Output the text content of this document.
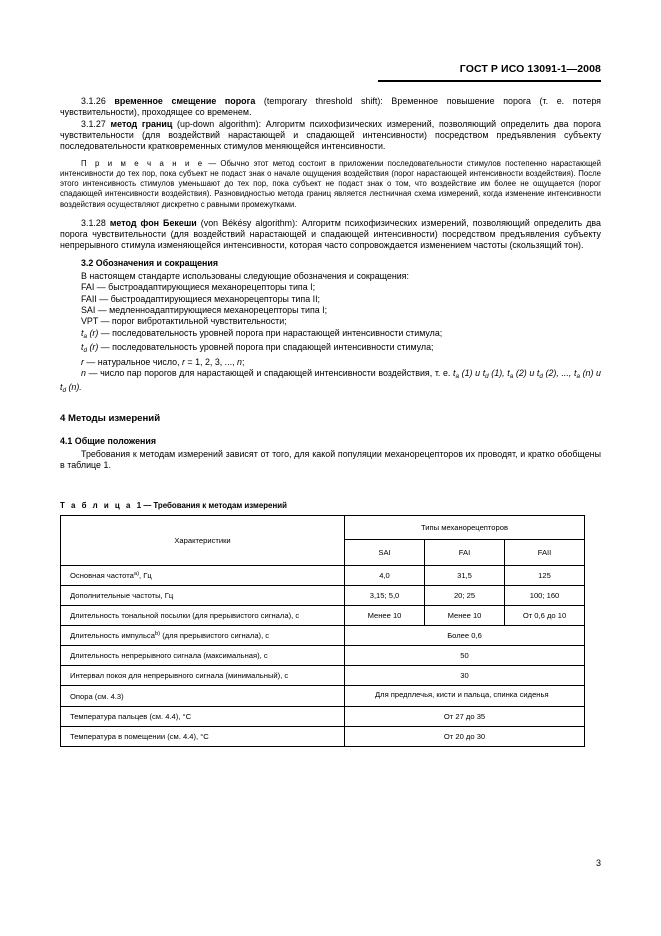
ГОСТ Р ИСО 13091-1—2008

3.1.26 временное смещение порога (temporary threshold shift): Временное повышение порога (т. е. потеря чувствительности), проходящее со временем.

3.1.27 метод границ (up-down algorithm): Алгоритм психофизических измерений, позволяющий определить два порога чувствительности (для воздействий нарастающей и спадающей интенсивности) посредством предъявления субъекту последовательности кратковременных стимулов меняющейся интенсивности.

П р и м е ч а н и е — Обычно этот метод состоит в приложении последовательности стимулов постепенно нарастающей интенсивности до тех пор, пока субъект не подаст знак о начале ощущения воздействия (порог нарастающей интенсивности воздействия). После этого интенсивность стимулов уменьшают до тех пор, пока субъект не подаст знак о том, что воздействие им более не ощущается (порог спадающей интенсивности воздействия). Разновидностью метода границ является лестничная схема измерений, когда изменение интенсивности воздействия осуществляют дискретно с равными промежутками.

3.1.28 метод фон Бекеши (von Békésy algorithm): Алгоритм психофизических измерений, позволяющий определить два порога чувствительности (для воздействий нарастающей и спадающей интенсивности) посредством предъявления субъекту непрерывного стимула изменяющейся интенсивности, которая часто сопровождается изменением частоты (скользящий тон).

3.2 Обозначения и сокращения

В настоящем стандарте использованы следующие обозначения и сокращения:

FAI — быстроадаптирующиеся механорецепторы типа I;

FAII — быстроадаптирующиеся механорецепторы типа II;

SAI — медленноадаптирующиеся механорецепторы типа I;

VPT — порог вибротактильной чувствительности;

$t_a$ (r) — последовательность уровней порога при нарастающей интенсивности стимула;

$t_d$ (r) — последовательность уровней порога при спадающей интенсивности стимула;

r — натуральное число, r = 1, 2, 3, ..., n;

n — число пар порогов для нарастающей и спадающей интенсивности воздействия, т. е. $t_a$ (1) и $t_d$ (1), $t_a$ (2) и $t_d$ (2), ..., $t_a$ (n) и $t_d$ (n).

4 Методы измерений
4.1 Общие положения

Требования к методам измерений зависят от того, для какой популяции механорецепторов их проводят, и кратко обобщены в таблице 1.

Т а б л и ц а 1 — Требования к методам измерений

Характеристики	Типы механорецепторов		
	SAI	FAI	FAII
Основная частота$^{а)}$, Гц	4,0	31,5	125
Дополнительные частоты, Гц	3,15; 5,0	20; 25	100; 160
Длительность тональной посылки (для прерывистого сигнала), с	Менее 10	Менее 10	От 0,6 до 10
Длительность импульса$^{b)}$ (для прерывистого сигнала), с	Более 0,6		
Длительность непрерывного сигнала (максимальная), с	50		
Интервал покоя для непрерывного сигнала (минимальный), с	30		
Опора (см. 4.3)	Для предплечья, кисти и пальца, спинка сиденья		
Температура пальцев (см. 4.4), °С	От 27 до 35		
Температура в помещении (см. 4.4), °С	От 20 до 30		
3
